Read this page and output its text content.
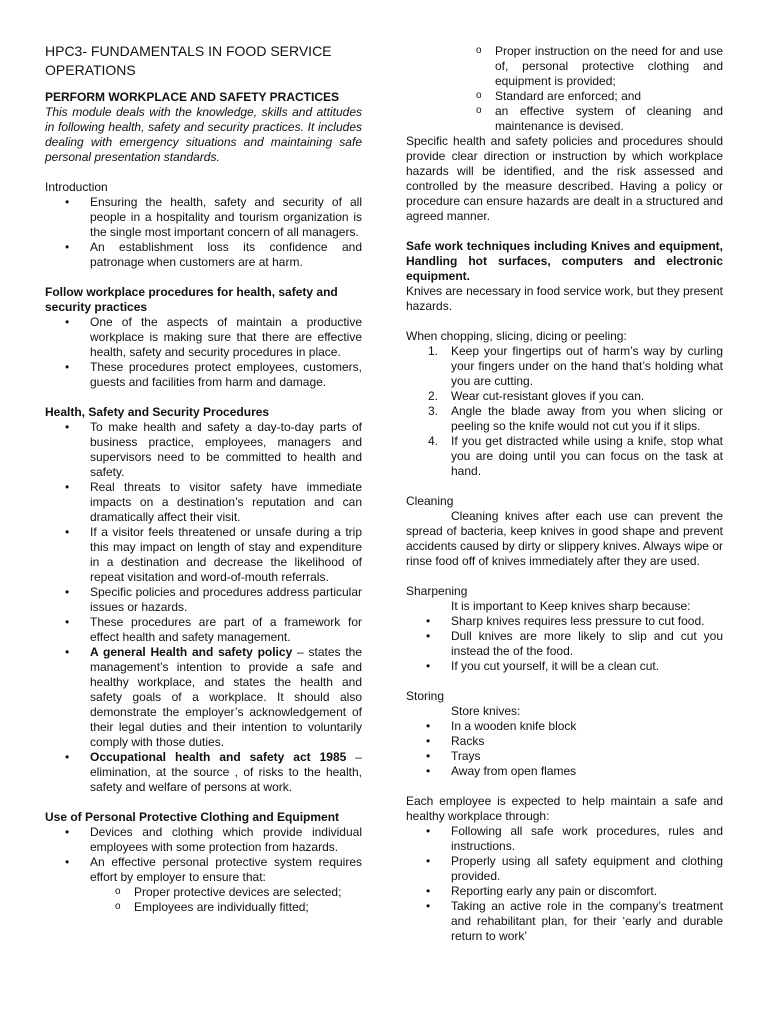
HPC3- FUNDAMENTALS IN FOOD SERVICE OPERATIONS

PERFORM WORKPLACE AND SAFETY PRACTICES

This module deals with the knowledge, skills and attitudes in following health, safety and security practices. It includes dealing with emergency situations and maintaining safe personal presentation standards.

Introduction

• Ensuring the health, safety and security of all people in a hospitality and tourism organization is the single most important concern of all managers.
• An establishment loss its confidence and patronage when customers are at harm.

Follow workplace procedures for health, safety and security practices

• One of the aspects of maintain a productive workplace is making sure that there are effective health, safety and security procedures in place.
• These procedures protect employees, customers, guests and facilities from harm and damage.

Health, Safety and Security Procedures

• To make health and safety a day-to-day parts of business practice, employees, managers and supervisors need to be committed to health and safety.
• Real threats to visitor safety have immediate impacts on a destination’s reputation and can dramatically affect their visit.
• If a visitor feels threatened or unsafe during a trip this may impact on length of stay and expenditure in a destination and decrease the likelihood of repeat visitation and word-of-mouth referrals.
• Specific policies and procedures address particular issues or hazards.
• These procedures are part of a framework for effect health and safety management.
• A general Health and safety policy – states the management’s intention to provide a safe and healthy workplace, and states the health and safety goals of a workplace. It should also demonstrate the employer’s acknowledgement of their legal duties and their intention to voluntarily comply with those duties.
• Occupational health and safety act 1985 – elimination, at the source , of risks to the health, safety and welfare of persons at work.

Use of Personal Protective Clothing and Equipment

• Devices and clothing which provide individual employees with some protection from hazards.
• An effective personal protective system requires effort by employer to ensure that:
o Proper protective devices are selected;
o Employees are individually fitted;
o Proper instruction on the need for and use of, personal protective clothing and equipment is provided;
o Standard are enforced; and
o an effective system of cleaning and maintenance is devised.

Specific health and safety policies and procedures should provide clear direction or instruction by which workplace hazards will be identified, and the risk assessed and controlled by the measure described. Having a policy or procedure can ensure hazards are dealt in a structured and agreed manner.

Safe work techniques including Knives and equipment, Handling hot surfaces, computers and electronic equipment.

Knives are necessary in food service work, but they present hazards.

When chopping, slicing, dicing or peeling:

1. Keep your fingertips out of harm’s way by curling your fingers under on the hand that’s holding what you are cutting.
2. Wear cut-resistant gloves if you can.
3. Angle the blade away from you when slicing or peeling so the knife would not cut you if it slips.
4. If you get distracted while using a knife, stop what you are doing until you can focus on the task at hand.

Cleaning

Cleaning knives after each use can prevent the spread of bacteria, keep knives in good shape and prevent accidents caused by dirty or slippery knives. Always wipe or rinse food off of knives immediately after they are used.

Sharpening

It is important to Keep knives sharp because:

• Sharp knives requires less pressure to cut food.
• Dull knives are more likely to slip and cut you instead the of the food.
• If you cut yourself, it will be a clean cut.

Storing

Store knives:

• In a wooden knife block
• Racks
• Trays
• Away from open flames

Each employee is expected to help maintain a safe and healthy workplace through:

• Following all safe work procedures, rules and instructions.
• Properly using all safety equipment and clothing provided.
• Reporting early any pain or discomfort.
• Taking an active role in the company’s treatment and rehabilitant plan, for their ‘early and durable return to work’
